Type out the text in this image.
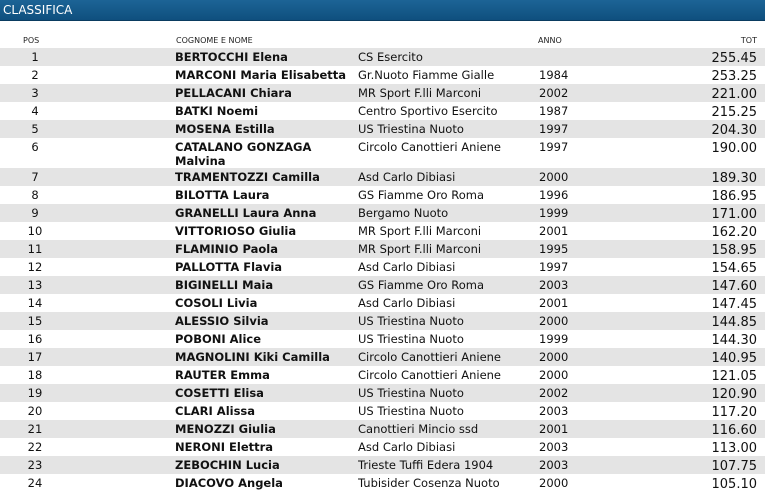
CLASSIFICA
POS	COGNOME E NOME	ANNO	TOT
1		BERTOCCHI Elena	CS Esercito		255.45
2		MARCONI Maria Elisabetta	Gr.Nuoto Fiamme Gialle	1984	253.25
3		PELLACANI Chiara	MR Sport F.lli Marconi	2002	221.00
4		BATKI Noemi	Centro Sportivo Esercito	1987	215.25
5		MOSENA Estilla	US Triestina Nuoto	1997	204.30
6		CATALANO GONZAGA Malvina	Circolo Canottieri Aniene	1997	190.00
7		TRAMENTOZZI Camilla	Asd Carlo Dibiasi	2000	189.30
8		BILOTTA Laura	GS Fiamme Oro Roma	1996	186.95
9		GRANELLI Laura Anna	Bergamo Nuoto	1999	171.00
10		VITTORIOSO Giulia	MR Sport F.lli Marconi	2001	162.20
11		FLAMINIO Paola	MR Sport F.lli Marconi	1995	158.95
12		PALLOTTA Flavia	Asd Carlo Dibiasi	1997	154.65
13		BIGINELLI Maia	GS Fiamme Oro Roma	2003	147.60
14		COSOLI Livia	Asd Carlo Dibiasi	2001	147.45
15		ALESSIO Silvia	US Triestina Nuoto	2000	144.85
16		POBONI Alice	US Triestina Nuoto	1999	144.30
17		MAGNOLINI Kiki Camilla	Circolo Canottieri Aniene	2000	140.95
18		RAUTER Emma	Circolo Canottieri Aniene	2000	121.05
19		COSETTI Elisa	US Triestina Nuoto	2002	120.90
20		CLARI Alissa	US Triestina Nuoto	2003	117.20
21		MENOZZI Giulia	Canottieri Mincio ssd	2001	116.60
22		NERONI Elettra	Asd Carlo Dibiasi	2003	113.00
23		ZEBOCHIN Lucia	Trieste Tuffi Edera 1904	2003	107.75
24		DIACOVO Angela	Tubisider Cosenza Nuoto	2000	105.10
